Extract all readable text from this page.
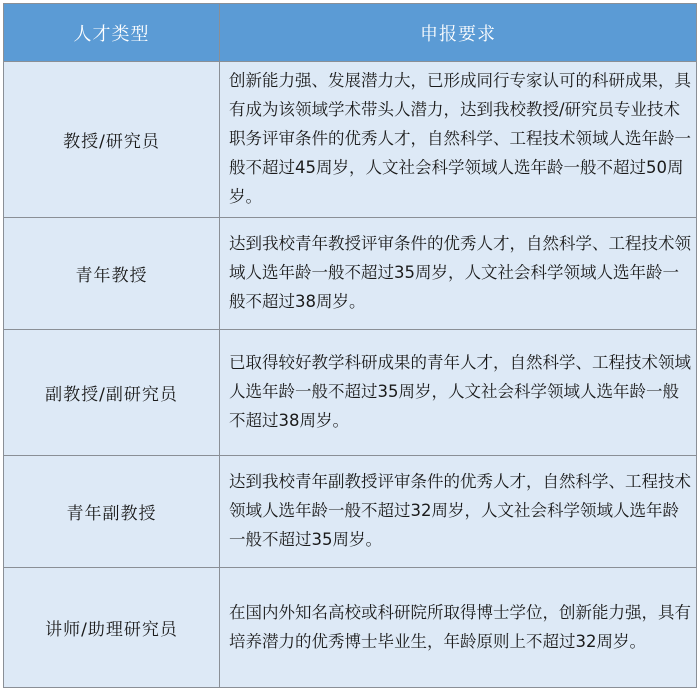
人才类型	申报要求
教授/研究员	创新能力强、发展潜力大，已形成同行专家认可的科研成果，具有成为该领域学术带头人潜力，达到我校教授/研究员专业技术职务评审条件的优秀人才，自然科学、工程技术领域人选年龄一般不超过45周岁，人文社会科学领域人选年龄一般不超过50周岁。
青年教授	达到我校青年教授评审条件的优秀人才，自然科学、工程技术领域人选年龄一般不超过35周岁，人文社会科学领域人选年龄一般不超过38周岁。
副教授/副研究员	已取得较好教学科研成果的青年人才，自然科学、工程技术领域人选年龄一般不超过35周岁，人文社会科学领域人选年龄一般不超过38周岁。
青年副教授	达到我校青年副教授评审条件的优秀人才，自然科学、工程技术领域人选年龄一般不超过32周岁，人文社会科学领域人选年龄一般不超过35周岁。
讲师/助理研究员	在国内外知名高校或科研院所取得博士学位，创新能力强，具有培养潜力的优秀博士毕业生，年龄原则上不超过32周岁。
